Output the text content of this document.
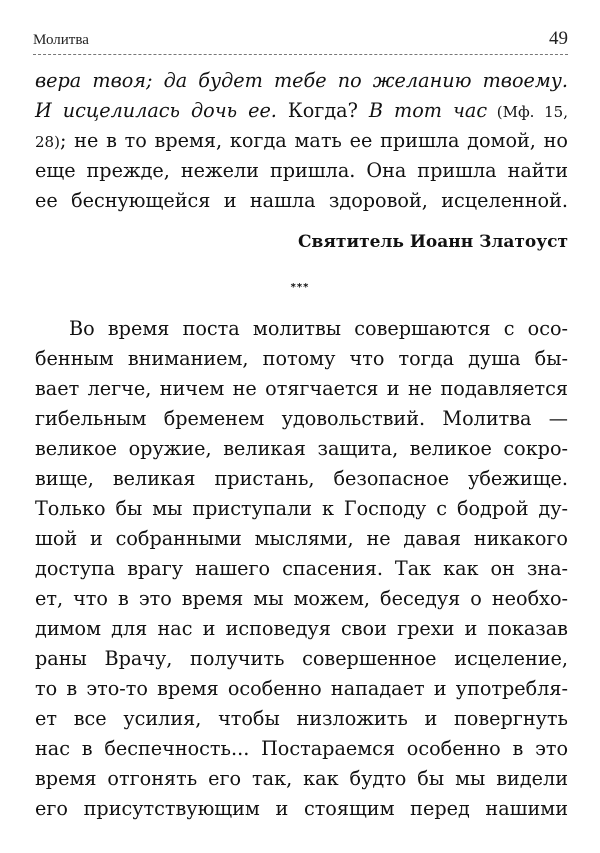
Молитва	49
вера твоя; да будет тебе по желанию твоему.
И исцелилась дочь ее. Когда? В тот час (Мф. 15,
28); не в то время, когда мать ее пришла домой, но
еще прежде, нежели пришла. Она пришла найти
ее беснующейся и нашла здоровой, исцеленной.
Святитель Иоанн Златоуст
***
Во время поста молитвы совершаются с осо-
бенным вниманием, потому что тогда душа бы-
вает легче, ничем не отягчается и не подавляется
гибельным бременем удовольствий. Молитва —
великое оружие, великая защита, великое сокро-
вище, великая пристань, безопасное убежище.
Только бы мы приступали к Господу с бодрой ду-
шой и собранными мыслями, не давая никакого
доступа врагу нашего спасения. Так как он зна-
ет, что в это время мы можем, беседуя о необхо-
димом для нас и исповедуя свои грехи и показав
раны Врачу, получить совершенное исцеление,
то в это-то время особенно нападает и употребля-
ет все усилия, чтобы низложить и повергнуть
нас в беспечность... Постараемся особенно в это
время отгонять его так, как будто бы мы видели
его присутствующим и стоящим перед нашими
